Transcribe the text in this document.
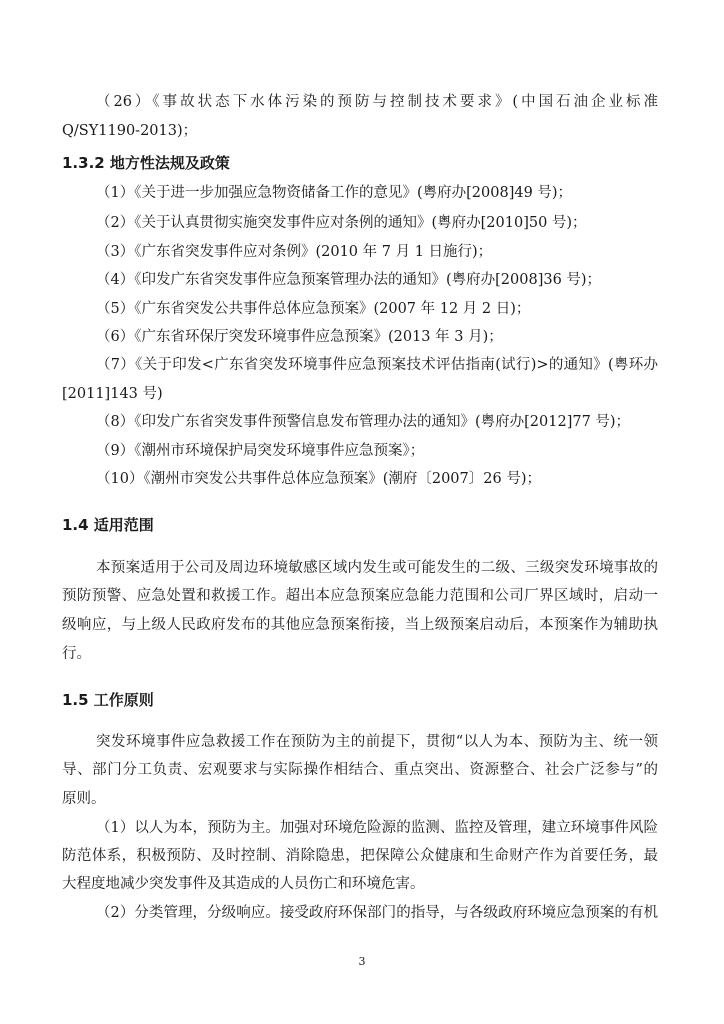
（26）《事故状态下水体污染的预防与控制技术要求》(中国石油企业标准
Q/SY1190-2013)；
1.3.2 地方性法规及政策
（1）《关于进一步加强应急物资储备工作的意见》(粤府办[2008]49 号)；
（2）《关于认真贯彻实施突发事件应对条例的通知》(粤府办[2010]50 号)；
（3）《广东省突发事件应对条例》(2010 年 7 月 1 日施行)；
（4）《印发广东省突发事件应急预案管理办法的通知》(粤府办[2008]36 号)；
（5）《广东省突发公共事件总体应急预案》(2007 年 12 月 2 日)；
（6）《广东省环保厅突发环境事件应急预案》(2013 年 3 月)；
（7）《关于印发<广东省突发环境事件应急预案技术评估指南(试行)>的通知》(粤环办
[2011]143 号)
（8）《印发广东省突发事件预警信息发布管理办法的通知》(粤府办[2012]77 号)；
（9）《潮州市环境保护局突发环境事件应急预案》；
（10）《潮州市突发公共事件总体应急预案》(潮府〔2007〕26 号)；
1.4 适用范围
本预案适用于公司及周边环境敏感区域内发生或可能发生的二级、三级突发环境事故的
预防预警、应急处置和救援工作。超出本应急预案应急能力范围和公司厂界区域时，启动一
级响应，与上级人民政府发布的其他应急预案衔接，当上级预案启动后，本预案作为辅助执
行。
1.5 工作原则
突发环境事件应急救援工作在预防为主的前提下，贯彻“以人为本、预防为主、统一领
导、部门分工负责、宏观要求与实际操作相结合、重点突出、资源整合、社会广泛参与”的
原则。
（1）以人为本，预防为主。加强对环境危险源的监测、监控及管理，建立环境事件风险
防范体系，积极预防、及时控制、消除隐患，把保障公众健康和生命财产作为首要任务，最
大程度地减少突发事件及其造成的人员伤亡和环境危害。
（2）分类管理，分级响应。接受政府环保部门的指导，与各级政府环境应急预案的有机
3
